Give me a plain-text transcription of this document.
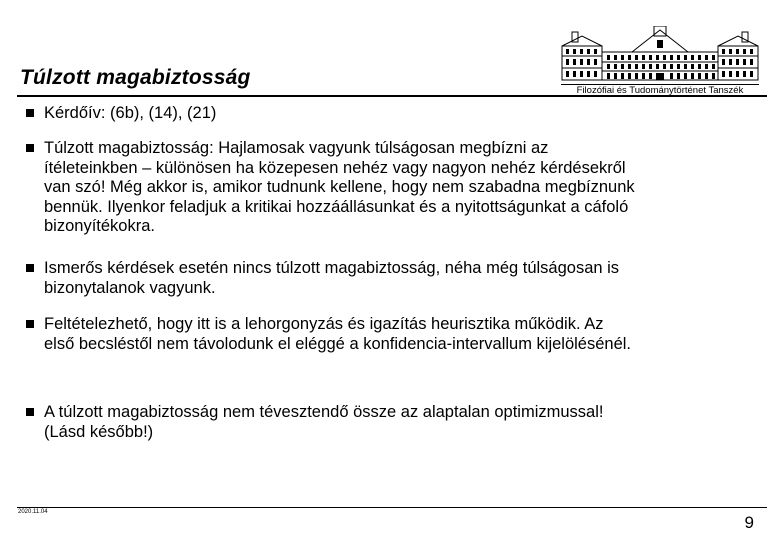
Túlzott magabiztosság
Filozófiai és Tudománytörténet Tanszék
Kérdőív: (6b), (14), (21)
Túlzott magabiztosság: Hajlamosak vagyunk túlságosan megbízni az
ítéleteinkben – különösen ha közepesen nehéz vagy nagyon nehéz kérdésekről
van szó! Még akkor is, amikor tudnunk kellene, hogy nem szabadna megbíznunk
bennük. Ilyenkor feladjuk a kritikai hozzáállásunkat és a nyitottságunkat a cáfoló
bizonyítékokra.
Ismerős kérdések esetén nincs túlzott magabiztosság, néha még túlságosan is
bizonytalanok vagyunk.
Feltételezhető, hogy itt is a lehorgonyzás és igazítás heurisztika működik. Az
első becsléstől nem távolodunk el eléggé a konfidencia-intervallum kijelölésénél.
A túlzott magabiztosság nem tévesztendő össze az alaptalan optimizmussal!
(Lásd később!)
2020.11.04
9
